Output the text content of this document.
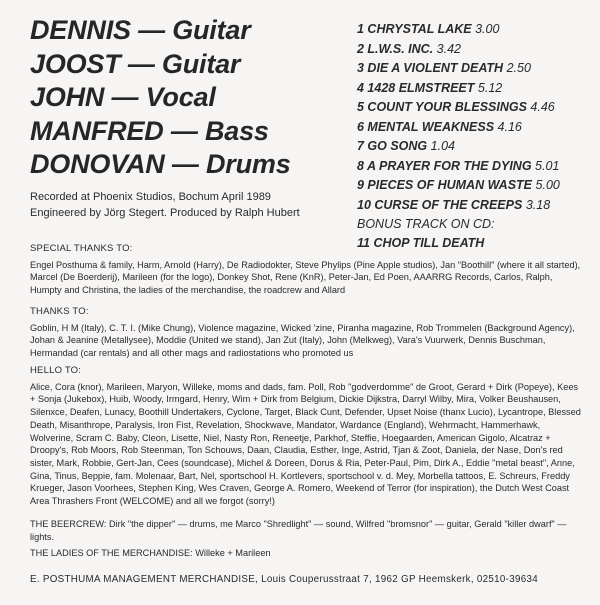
DENNIS — Guitar
JOOST — Guitar
JOHN — Vocal
MANFRED — Bass
DONOVAN — Drums
1 CHRYSTAL LAKE 3.00
2 L.W.S. INC. 3.42
3 DIE A VIOLENT DEATH 2.50
4 1428 ELMSTREET 5.12
5 COUNT YOUR BLESSINGS 4.46
6 MENTAL WEAKNESS 4.16
7 GO SONG 1.04
8 A PRAYER FOR THE DYING 5.01
9 PIECES OF HUMAN WASTE 5.00
10 CURSE OF THE CREEPS 3.18
BONUS TRACK ON CD:
11 CHOP TILL DEATH
Recorded at Phoenix Studios, Bochum April 1989
Engineered by Jörg Stegert. Produced by Ralph Hubert
SPECIAL THANKS TO:
Engel Posthuma & family, Harm, Arnold (Harry), De Radiodokter, Steve Phylips (Pine Apple studios), Jan "Boothill" (where it all started), Marcel (De Boerderij), Marileen (for the logo), Donkey Shot, Rene (KnR), Peter-Jan, Ed Poen, AAARRG Records, Carlos, Ralph, Humpty and Christina, the ladies of the merchandise, the roadcrew and Allard
THANKS TO:
Goblin, H M (Italy), C. T. I. (Mike Chung), Violence magazine, Wicked 'zine, Piranha magazine, Rob Trommelen (Background Agency), Johan & Jeanine (Metallysee), Moddie (United we stand), Jan Zut (Italy), John (Melkweg), Vara's Vuurwerk, Dennis Buschman, Hermandad (car rentals) and all other mags and radiostations who promoted us
HELLO TO:
Alice, Cora (knor), Marileen, Maryon, Willeke, moms and dads, fam. Poll, Rob "godverdomme" de Groot, Gerard + Dirk (Popeye), Kees + Sonja (Jukebox), Huib, Woody, Irmgard, Henry, Wim + Dirk from Belgium, Dickie Dijkstra, Darryl Wilby, Mira, Volker Beushausen, Silenxce, Deafen, Lunacy, Boothill Undertakers, Cyclone, Target, Black Cunt, Defender, Upset Noise (thanx Lucio), Lycantrope, Blessed Death, Misanthrope, Paralysis, Iron Fist, Revelation, Shockwave, Mandator, Wardance (England), Wehrmacht, Hammerhawk, Wolverine, Scram C. Baby, Cleon, Lisette, Niel, Nasty Ron, Reneetje, Parkhof, Steffie, Hoegaarden, American Gigolo, Alcatraz + Droopy's, Rob Moors, Rob Steenman, Ton Schouws, Daan, Claudia, Esther, Inge, Astrid, Tjan & Zoot, Daniela, der Nase, Don's red sister, Mark, Robbie, Gert-Jan, Cees (soundcase), Michel & Doreen, Dorus & Ria, Peter-Paul, Pim, Dirk A., Eddie "metal beast", Anne, Gina, Tinus, Beppie, fam. Molenaar, Bart, Nel, sportschool H. Kortlevers, sportschool v. d. Mey, Morbella tattoos, E. Schreurs, Freddy Krueger, Jason Voorhees, Stephen King, Wes Craven, George A. Romero, Weekend of Terror (for inspiration), the Dutch West Coast Area Thrashers Front (WELCOME) and all we forgot (sorry!)
THE BEERCREW: Dirk "the dipper" — drums, me Marco "Shredlight" — sound, Wilfred "bromsnor" — guitar, Gerald "killer dwarf" — lights.
THE LADIES OF THE MERCHANDISE: Willeke + Marileen
E. POSTHUMA MANAGEMENT MERCHANDISE, Louis Couperusstraat 7, 1962 GP Heemskerk, 02510-39634
